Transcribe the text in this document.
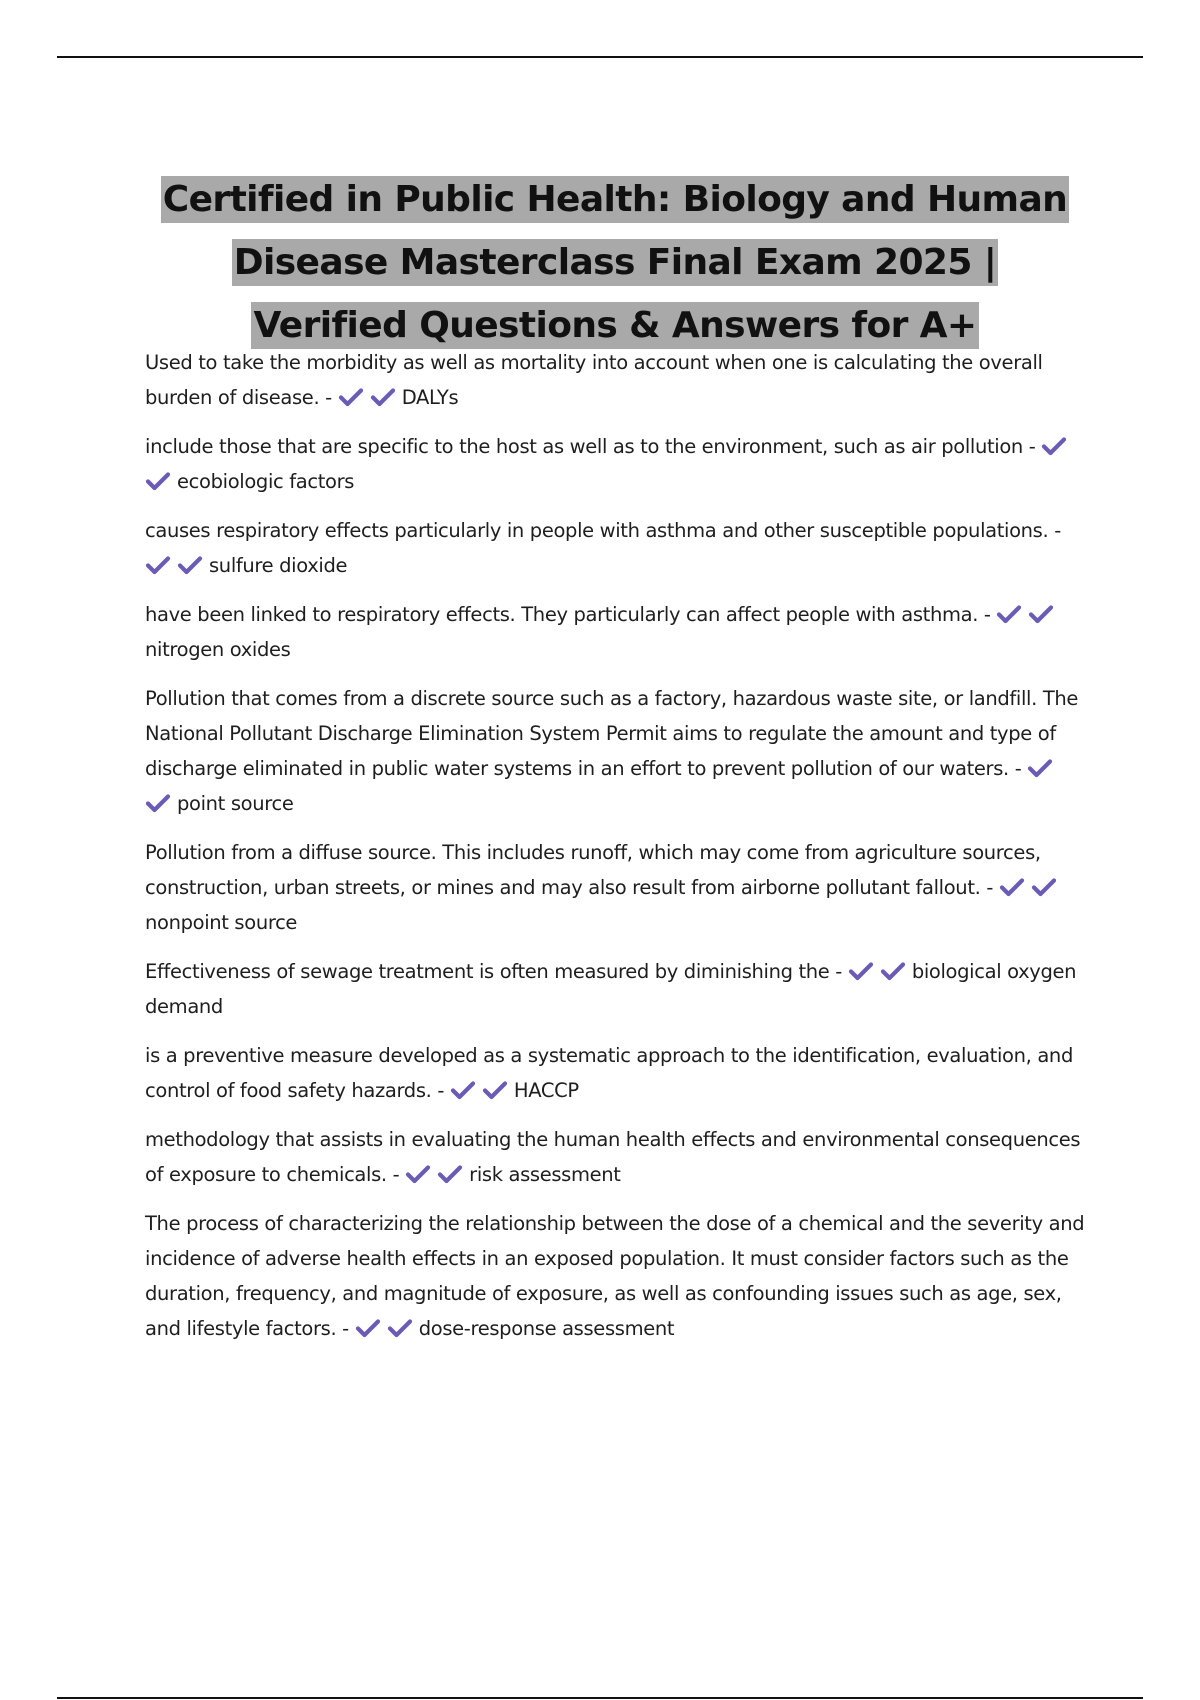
Certified in Public Health: Biology and Human Disease Masterclass Final Exam 2025 | Verified Questions & Answers for A+

Used to take the morbidity as well as mortality into account when one is calculating the overall burden of disease. -	DALYs

include those that are specific to the host as well as to the environment, such as air pollution -
ecobiologic factors

causes respiratory effects particularly in people with asthma and other susceptible populations. -
sulfure dioxide

have been linked to respiratory effects. They particularly can affect people with asthma. -
nitrogen oxides

Pollution that comes from a discrete source such as a factory, hazardous waste site, or landfill. The National Pollutant Discharge Elimination System Permit aims to regulate the amount and type of discharge eliminated in public water systems in an effort to prevent pollution of our waters. -
point source

Pollution from a diffuse source. This includes runoff, which may come from agriculture sources, construction, urban streets, or mines and may also result from airborne pollutant fallout. -
nonpoint source

Effectiveness of sewage treatment is often measured by diminishing the -	biological oxygen demand

is a preventive measure developed as a systematic approach to the identification, evaluation, and control of food safety hazards. -	HACCP

methodology that assists in evaluating the human health effects and environmental consequences of exposure to chemicals. -	risk assessment

The process of characterizing the relationship between the dose of a chemical and the severity and incidence of adverse health effects in an exposed population. It must consider factors such as the duration, frequency, and magnitude of exposure, as well as confounding issues such as age, sex, and lifestyle factors. -	dose-response assessment
